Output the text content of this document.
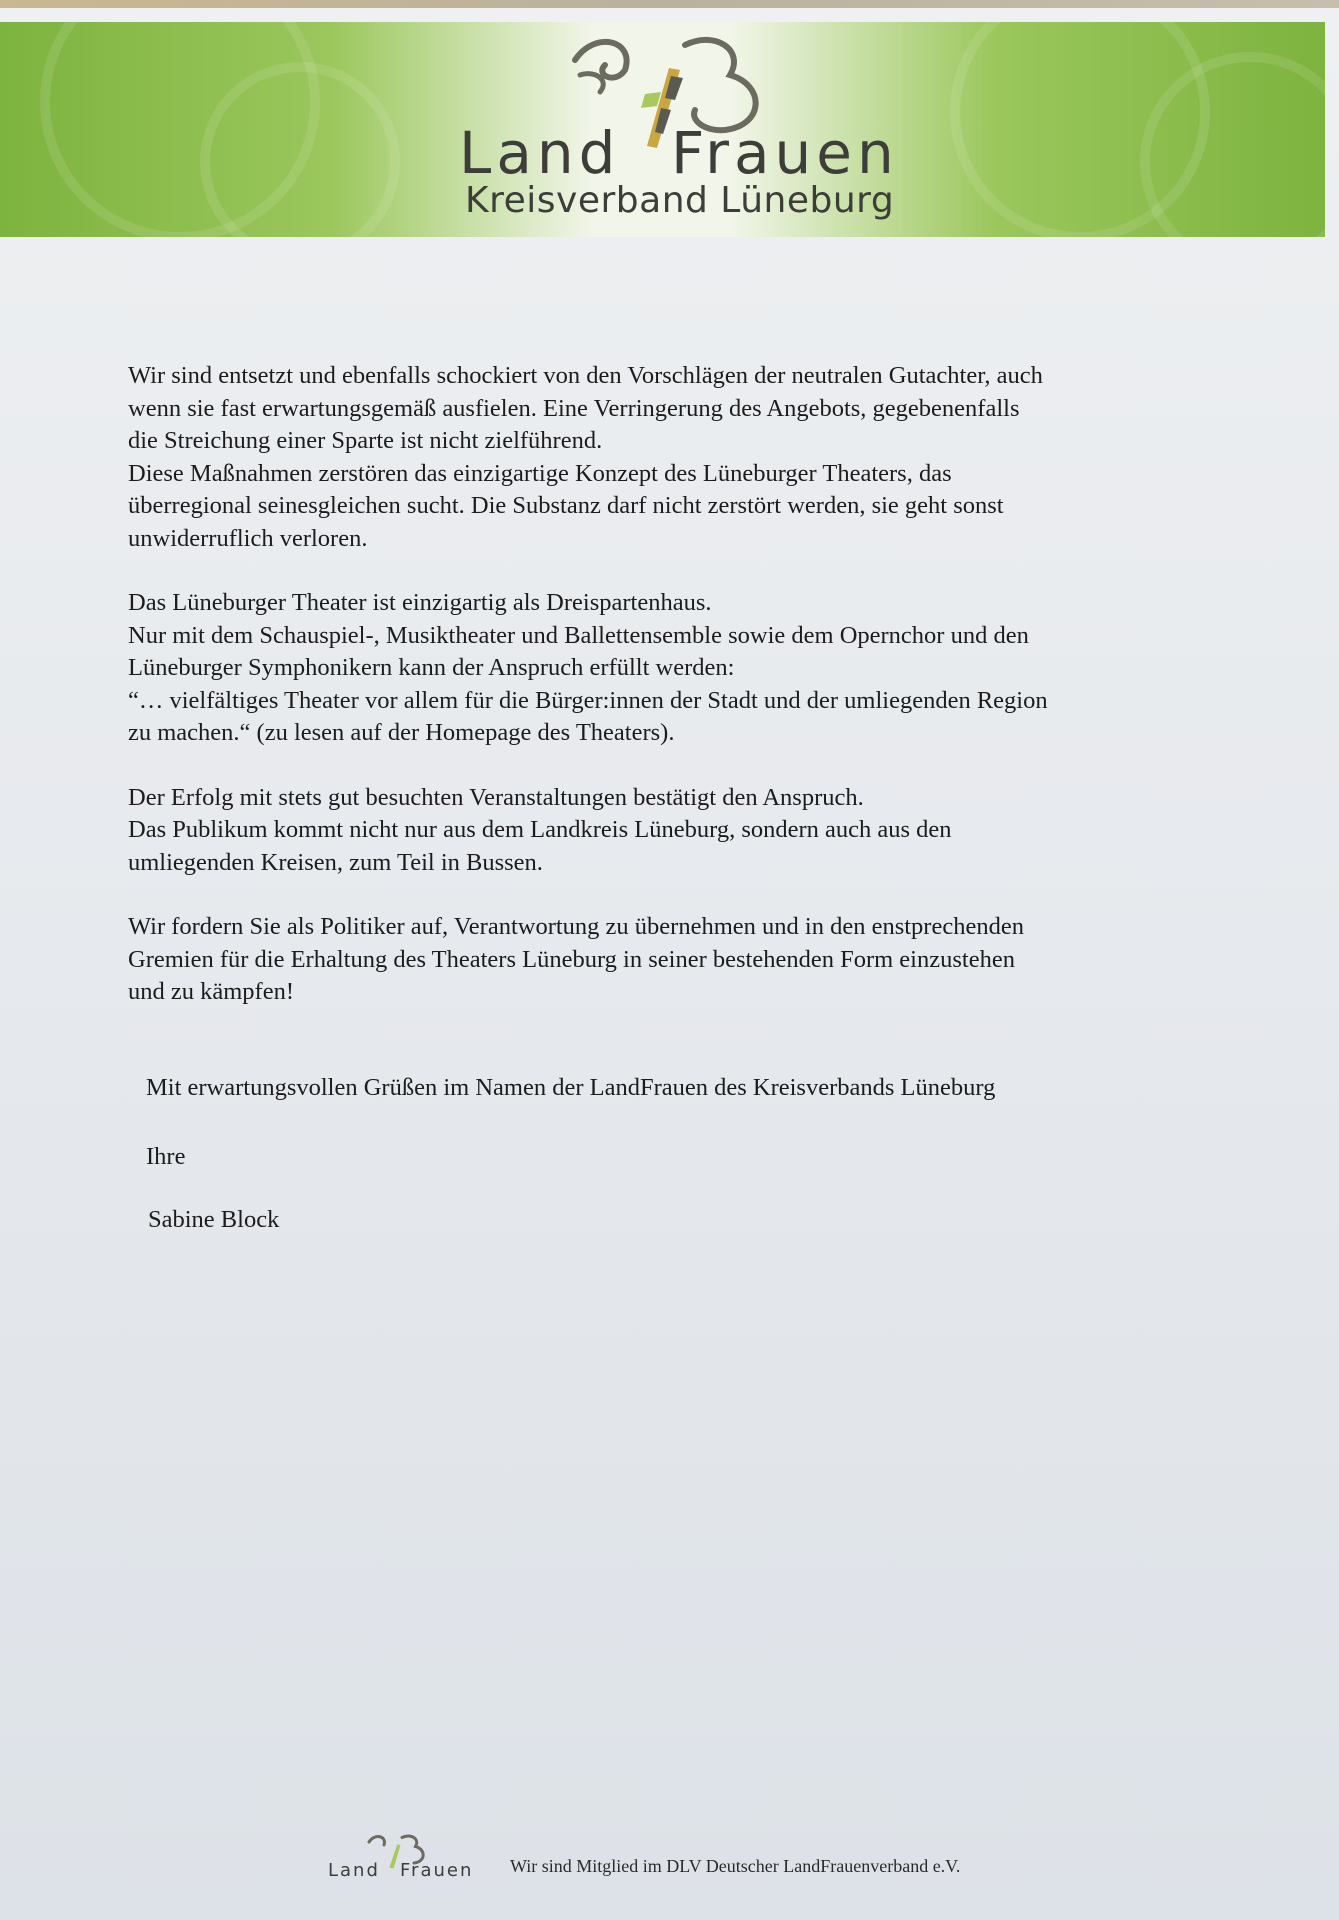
Land Frauen
Kreisverband Lüneburg

Wir sind entsetzt und ebenfalls schockiert von den Vorschlägen der neutralen Gutachter, auch
wenn sie fast erwartungsgemäß ausfielen. Eine Verringerung des Angebots, gegebenenfalls
die Streichung einer Sparte ist nicht zielführend.
Diese Maßnahmen zerstören das einzigartige Konzept des Lüneburger Theaters, das
überregional seinesgleichen sucht. Die Substanz darf nicht zerstört werden, sie geht sonst
unwiderruflich verloren.

Das Lüneburger Theater ist einzigartig als Dreispartenhaus.
Nur mit dem Schauspiel-, Musiktheater und Ballettensemble sowie dem Opernchor und den
Lüneburger Symphonikern kann der Anspruch erfüllt werden:
“… vielfältiges Theater vor allem für die Bürger:innen der Stadt und der umliegenden Region
zu machen.“ (zu lesen auf der Homepage des Theaters).

Der Erfolg mit stets gut besuchten Veranstaltungen bestätigt den Anspruch.
Das Publikum kommt nicht nur aus dem Landkreis Lüneburg, sondern auch aus den
umliegenden Kreisen, zum Teil in Bussen.

Wir fordern Sie als Politiker auf, Verantwortung zu übernehmen und in den enstprechenden
Gremien für die Erhaltung des Theaters Lüneburg in seiner bestehenden Form einzustehen
und zu kämpfen!

Mit erwartungsvollen Grüßen im Namen der LandFrauen des Kreisverbands Lüneburg
Ihre
Sabine Block
Land Frauen Wir sind Mitglied im DLV Deutscher LandFrauenverband e.V.
